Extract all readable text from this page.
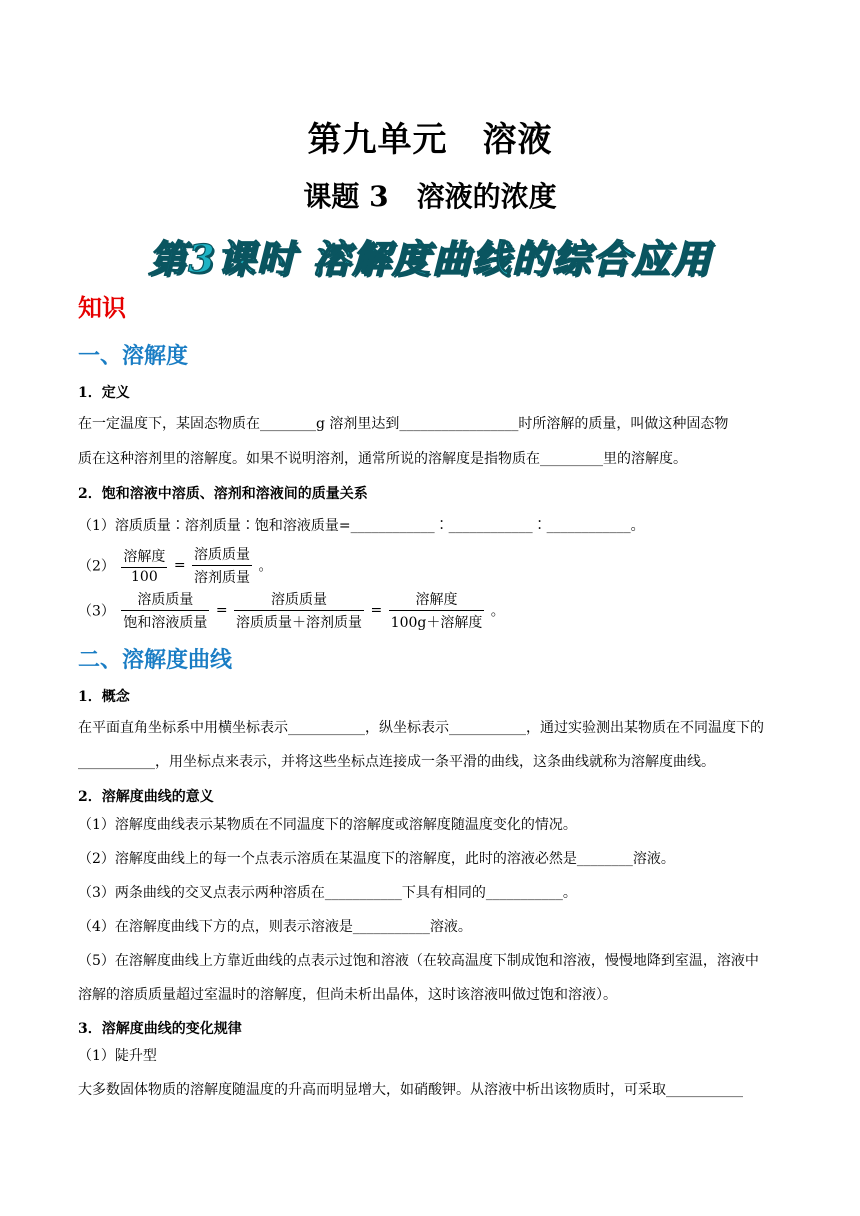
第九单元　溶液
课题 3　溶液的浓度
第3课时 溶解度曲线的综合应用
知识
一、溶解度
1．定义
在一定温度下，某固态物质在________g 溶剂里达到_________________时所溶解的质量，叫做这种固态物
质在这种溶剂里的溶解度。如果不说明溶剂，通常所说的溶解度是指物质在_________里的溶解度。
2．饱和溶液中溶质、溶剂和溶液间的质量关系
（1）溶质质量∶溶剂质量∶饱和溶液质量=____________∶____________∶____________。
$(2) \frac{\text{溶解度}}{100} = \frac{\text{溶质质量}}{\text{溶剂质量}}$ 。
$(3) \frac{\text{溶质质量}}{\text{饱和溶液质量}} = \frac{\text{溶质质量}}{\text{溶质质量＋溶剂质量}} = \frac{\text{溶解度}}{\text{100g＋溶解度}}$ 。
二、溶解度曲线
1．概念
在平面直角坐标系中用横坐标表示___________，纵坐标表示___________，通过实验测出某物质在不同温度下的
___________，用坐标点来表示，并将这些坐标点连接成一条平滑的曲线，这条曲线就称为溶解度曲线。
2．溶解度曲线的意义
（1）溶解度曲线表示某物质在不同温度下的溶解度或溶解度随温度变化的情况。
（2）溶解度曲线上的每一个点表示溶质在某温度下的溶解度，此时的溶液必然是________溶液。
（3）两条曲线的交叉点表示两种溶质在___________下具有相同的___________。
（4）在溶解度曲线下方的点，则表示溶液是___________溶液。
（5）在溶解度曲线上方靠近曲线的点表示过饱和溶液（在较高温度下制成饱和溶液，慢慢地降到室温，溶液中
溶解的溶质质量超过室温时的溶解度，但尚未析出晶体，这时该溶液叫做过饱和溶液）。
3．溶解度曲线的变化规律
（1）陡升型
大多数固体物质的溶解度随温度的升高而明显增大，如硝酸钾。从溶液中析出该物质时，可采取___________
